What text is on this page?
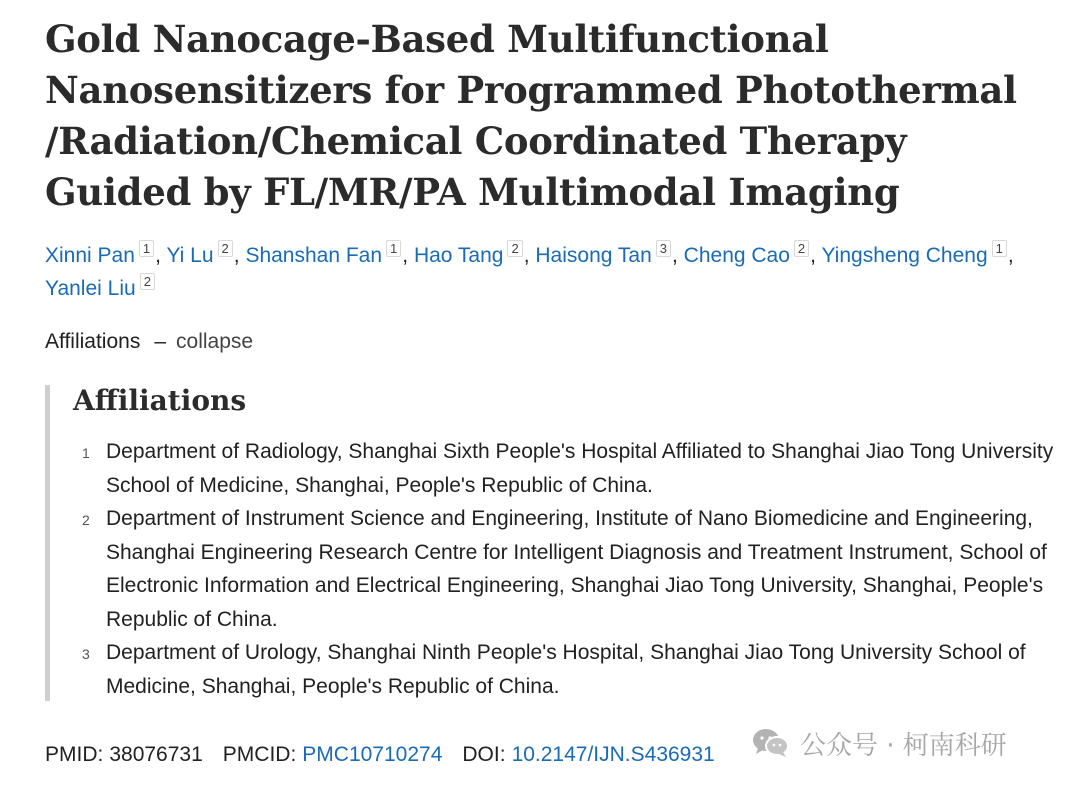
Gold Nanocage-Based Multifunctional Nanosensitizers for Programmed Photothermal /Radiation/Chemical Coordinated Therapy Guided by FL/MR/PA Multimodal Imaging
Xinni Pan 1 , Yi Lu 2 , Shanshan Fan 1 , Hao Tang 2 , Haisong Tan 3 , Cheng Cao 2 , Yingsheng Cheng 1 , Yanlei Liu 2
Affiliations – collapse
Affiliations
1 Department of Radiology, Shanghai Sixth People's Hospital Affiliated to Shanghai Jiao Tong University School of Medicine, Shanghai, People's Republic of China.
2 Department of Instrument Science and Engineering, Institute of Nano Biomedicine and Engineering, Shanghai Engineering Research Centre for Intelligent Diagnosis and Treatment Instrument, School of Electronic Information and Electrical Engineering, Shanghai Jiao Tong University, Shanghai, People's Republic of China.
3 Department of Urology, Shanghai Ninth People's Hospital, Shanghai Jiao Tong University School of Medicine, Shanghai, People's Republic of China.
PMID: 38076731 PMCID: PMC10710274 DOI: 10.2147/IJN.S436931	公众号 · 柯南科研
